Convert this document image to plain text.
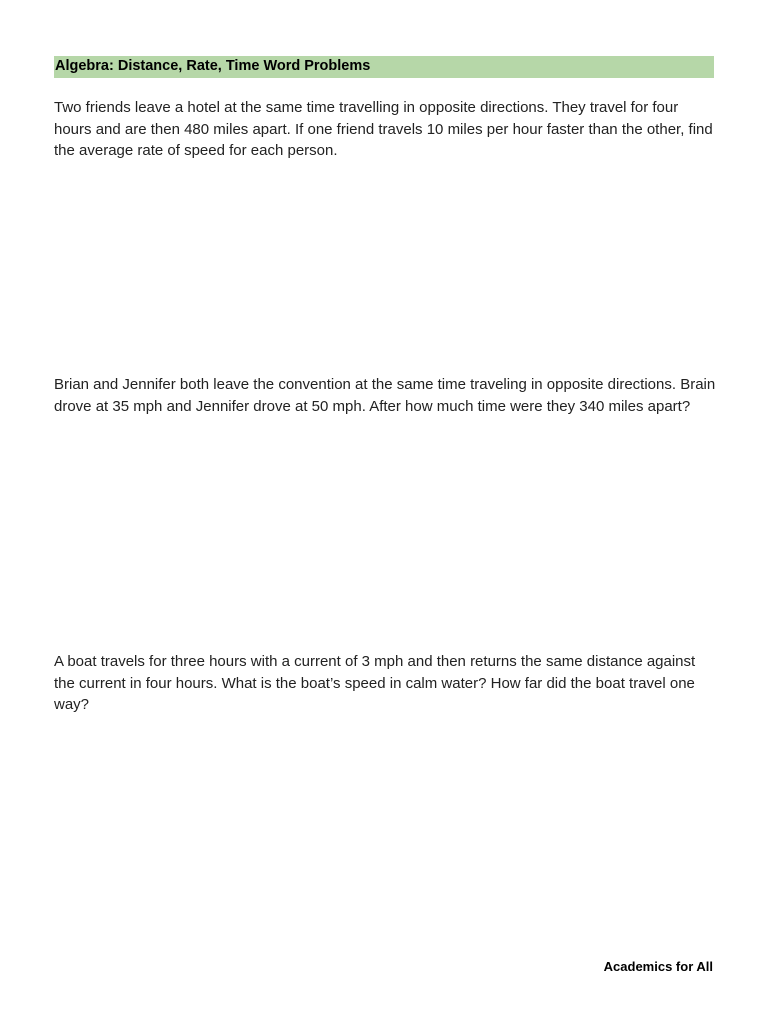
Algebra: Distance, Rate, Time Word Problems

Two friends leave a hotel at the same time travelling in opposite directions. They travel for four hours and are then 480 miles apart. If one friend travels 10 miles per hour faster than the other, find the average rate of speed for each person.

Brian and Jennifer both leave the convention at the same time traveling in opposite directions. Brain drove at 35 mph and Jennifer drove at 50 mph. After how much time were they 340 miles apart?

A boat travels for three hours with a current of 3 mph and then returns the same distance against the current in four hours. What is the boat’s speed in calm water? How far did the boat travel one way?

Academics for All
